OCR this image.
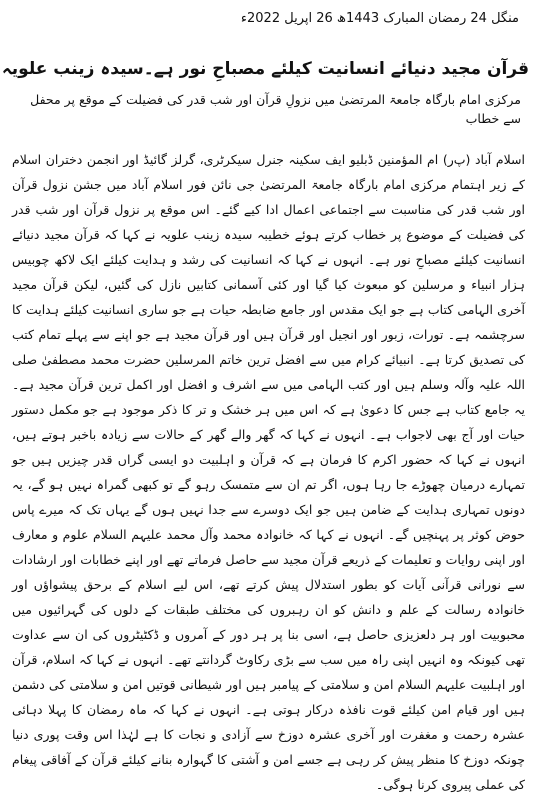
منگل 24 رمضان المبارک 1443ھ 26 اپریل 2022ء
قرآن مجید دنیائے انسانیت کیلئے مصباحِ نور ہے۔سیدہ زینب علویہ
مرکزی امام بارگاہ جامعۃ المرتضیٰ میں نزولِ قرآن اور شب قدر کی فضیلت کے موقع پر محفل سے خطاب

اسلام آباد (پ‌ر) ام المؤمنین ڈبلیو ایف سکینہ جنرل سیکرٹری، گرلز گائیڈ اور انجمن دختران اسلام کے زیر اہتمام مرکزی امام بارگاہ جامعۃ المرتضیٰ جی نائن فور اسلام آباد میں جشن نزول قرآن اور شب قدر کی مناسبت سے اجتماعی اعمال ادا کیے گئے۔ اس موقع پر نزول قرآن اور شب قدر کی فضیلت کے موضوع پر خطاب کرتے ہوئے خطیبہ سیدہ زینب علویہ نے کہا کہ قرآن مجید دنیائے انسانیت کیلئے مصباحِ نور ہے۔ انہوں نے کہا کہ انسانیت کی رشد و ہدایت کیلئے ایک لاکھ چوبیس ہزار انبیاء و مرسلین کو مبعوث کیا گیا اور کئی آسمانی کتابیں نازل کی گئیں، لیکن قرآن مجید آخری الہامی کتاب ہے جو ایک مقدس اور جامع ضابطہ حیات ہے جو ساری انسانیت کیلئے ہدایت کا سرچشمہ ہے۔ تورات، زبور اور انجیل اور قرآن ہیں اور قرآن مجید ہے جو اپنے سے پہلے تمام کتب کی تصدیق کرتا ہے۔ انبیائے کرام میں سے افضل ترین خاتم المرسلین حضرت محمد مصطفیٰ صلی اللہ علیہ وآلہ وسلم ہیں اور کتب الہامی میں سے اشرف و افضل اور اکمل ترین قرآن مجید ہے۔ یہ جامع کتاب ہے جس کا دعویٰ ہے کہ اس میں ہر خشک و تر کا ذکر موجود ہے جو مکمل دستور حیات اور آج بھی لاجواب ہے۔ انہوں نے کہا کہ گھر والے گھر کے حالات سے زیادہ باخبر ہوتے ہیں، انہوں نے کہا کہ حضور اکرم کا فرمان ہے کہ قرآن و اہلبیت دو ایسی گراں قدر چیزیں ہیں جو تمہارے درمیان چھوڑے جا رہا ہوں، اگر تم ان سے متمسک رہو گے تو کبھی گمراہ نہیں ہو گے، یہ دونوں تمہاری ہدایت کے ضامن ہیں جو ایک دوسرے سے جدا نہیں ہوں گے یہاں تک کہ میرے پاس حوض کوثر پر پہنچیں گے۔ انہوں نے کہا کہ خانوادہ محمد وآل محمد علیہم السلام علوم و معارف اور اپنی روایات و تعلیمات کے ذریعے قرآن مجید سے حاصل فرماتے تھے اور اپنے خطابات اور ارشادات سے نورانی قرآنی آیات کو بطور استدلال پیش کرتے تھے، اس لیے اسلام کے برحق پیشواؤں اور خانوادہ رسالت کے علم و دانش کو ان رہبروں کی مختلف طبقات کے دلوں کی گہرائیوں میں محبوبیت اور ہر دلعزیزی حاصل ہے، اسی بنا پر ہر دور کے آمروں و ڈکٹیٹروں کی ان سے عداوت تھی کیونکہ وہ انہیں اپنی راہ میں سب سے بڑی رکاوٹ گردانتے تھے۔ انہوں نے کہا کہ اسلام، قرآن اور اہلبیت علیہم السلام امن و سلامتی کے پیامبر ہیں اور شیطانی قوتیں امن و سلامتی کی دشمن ہیں اور قیام امن کیلئے قوت نافذہ درکار ہوتی ہے۔ انہوں نے کہا کہ ماہ رمضان کا پہلا دہائی عشرہ رحمت و مغفرت اور آخری عشرہ دوزخ سے آزادی و نجات کا ہے لہٰذا اس وقت پوری دنیا چونکہ دوزخ کا منظر پیش کر رہی ہے جسے امن و آشتی کا گہوارہ بنانے کیلئے قرآن کے آفاقی پیغام کی عملی پیروی کرنا ہوگی۔
